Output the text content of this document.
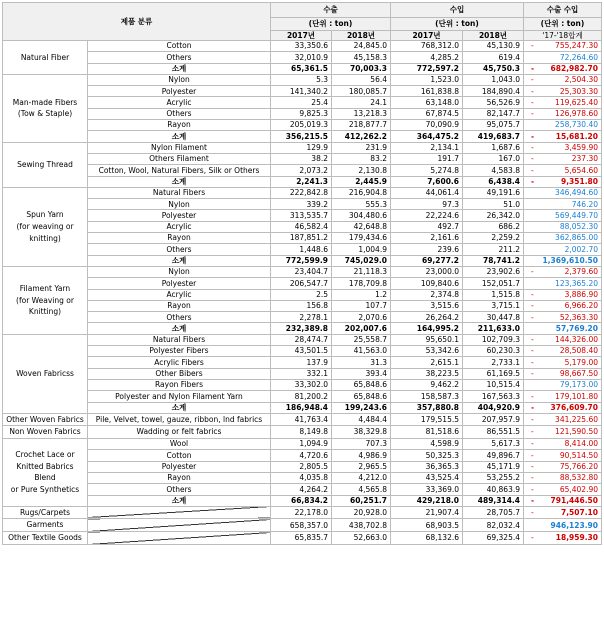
제품 분류		수출		수입		수출 수입
		(단위 : ton)		(단위 : ton)		(단위 : ton)
		2017년	2018년	2017년	2018년	'17-'18합계
Natural Fiber	Cotton	33,350.6	24,845.0	768,312.0	45,130.9	- 755,247.30

	Others	32,010.9	45,158.3	4,285.2	619.4	72,264.60

	소계	65,361.5	70,003.3	772,597.2	45,750.3	- 682,982.70

Man-made Fibers
(Tow & Staple)	Nylon	5.3	56.4	1,523.0	1,043.0	- 2,504.30

	Polyester	141,340.2	180,085.7	161,838.8	184,890.4	- 25,303.30

	Acrylic	25.4	24.1	63,148.0	56,526.9	- 119,625.40

	Others	9,825.3	13,218.3	67,874.5	82,147.7	- 126,978.60

	Rayon	205,019.3	218,877.7	70,090.9	95,075.7	258,730.40

	소계	356,215.5	412,262.2	364,475.2	419,683.7	- 15,681.20

Sewing Thread	Nylon Filament	129.9	231.9	2,134.1	1,687.6	- 3,459.90

	Others Filament	38.2	83.2	191.7	167.0	- 237.30

	Cotton, Wool, Natural Fibers, Silk or Others	2,073.2	2,130.8	5,274.8	4,583.8	- 5,654.60

	소계	2,241.3	2,445.9	7,600.6	6,438.4	- 9,351.80

Spun Yarn
(for weaving or
knitting)	Natural Fibers	222,842.8	216,904.8	44,061.4	49,191.6	346,494.60

	Nylon	339.2	555.3	97.3	51.0	746.20

	Polyester	313,535.7	304,480.6	22,224.6	26,342.0	569,449.70

	Acrylic	46,582.4	42,648.8	492.7	686.2	88,052.30

	Rayon	187,851.2	179,434.6	2,161.6	2,259.2	362,865.00

	Others	1,448.6	1,004.9	239.6	211.2	2,002.70

	소계	772,599.9	745,029.0	69,277.2	78,741.2	1,369,610.50

Filament Yarn
(for Weaving or
Knitting)	Nylon	23,404.7	21,118.3	23,000.0	23,902.6	- 2,379.60

	Polyester	206,547.7	178,709.8	109,840.6	152,051.7	123,365.20

	Acrylic	2.5	1.2	2,374.8	1,515.8	- 3,886.90

	Rayon	156.8	107.7	3,515.6	3,715.1	- 6,966.20

	Others	2,278.1	2,070.6	26,264.2	30,447.8	- 52,363.30

	소계	232,389.8	202,007.6	164,995.2	211,633.0	57,769.20

Woven Fabricss	Natural Fibers	28,474.7	25,558.7	95,650.1	102,709.3	- 144,326.00

	Polyester Fibers	43,501.5	41,563.0	53,342.6	60,230.3	- 28,508.40

	Acrylic Fibers	137.9	31.3	2,615.1	2,733.1	- 5,179.00

	Other Bibers	332.1	393.4	38,223.5	61,169.5	- 98,667.50

	Rayon Fibers	33,302.0	65,848.6	9,462.2	10,515.4	79,173.00

	Polyester and Nylon Filament Yarn	81,200.2	65,848.6	158,587.3	167,563.3	- 179,101.80

	소계	186,948.4	199,243.6	357,880.8	404,920.9	- 376,609.70

Other Woven Fabrics	Pile, Velvet, towel, gauze, ribbon, lnd fabrics	41,763.4	4,484.4	179,515.5	207,957.9	- 341,225.60

Non Woven Fabrics	Wadding or felt fabrics	8,149.8	38,329.8	81,518.6	86,551.5	- 121,590.50

Crochet Lace or
Knitted Babrics Blend
or Pure Synthetics	Wool	1,094.9	707.3	4,598.9	5,617.3	- 8,414.00

	Cotton	4,720.6	4,986.9	50,325.3	49,896.7	- 90,514.50

	Polyester	2,805.5	2,965.5	36,365.3	45,171.9	- 75,766.20

	Rayon	4,035.8	4,212.0	43,525.4	53,255.2	- 88,532.80

	Others	4,264.2	4,565.8	33,369.0	40,863.9	- 65,402.90

	소계	66,834.2	60,251.7	429,218.0	489,314.4	- 791,446.50

Rugs/Carpets		22,178.0	20,928.0	21,907.4	28,705.7	- 7,507.10

Garments		658,357.0	438,702.8	68,903.5	82,032.4	946,123.90

Other Textile Goods		65,835.7	52,663.0	68,132.6	69,325.4	- 18,959.30
